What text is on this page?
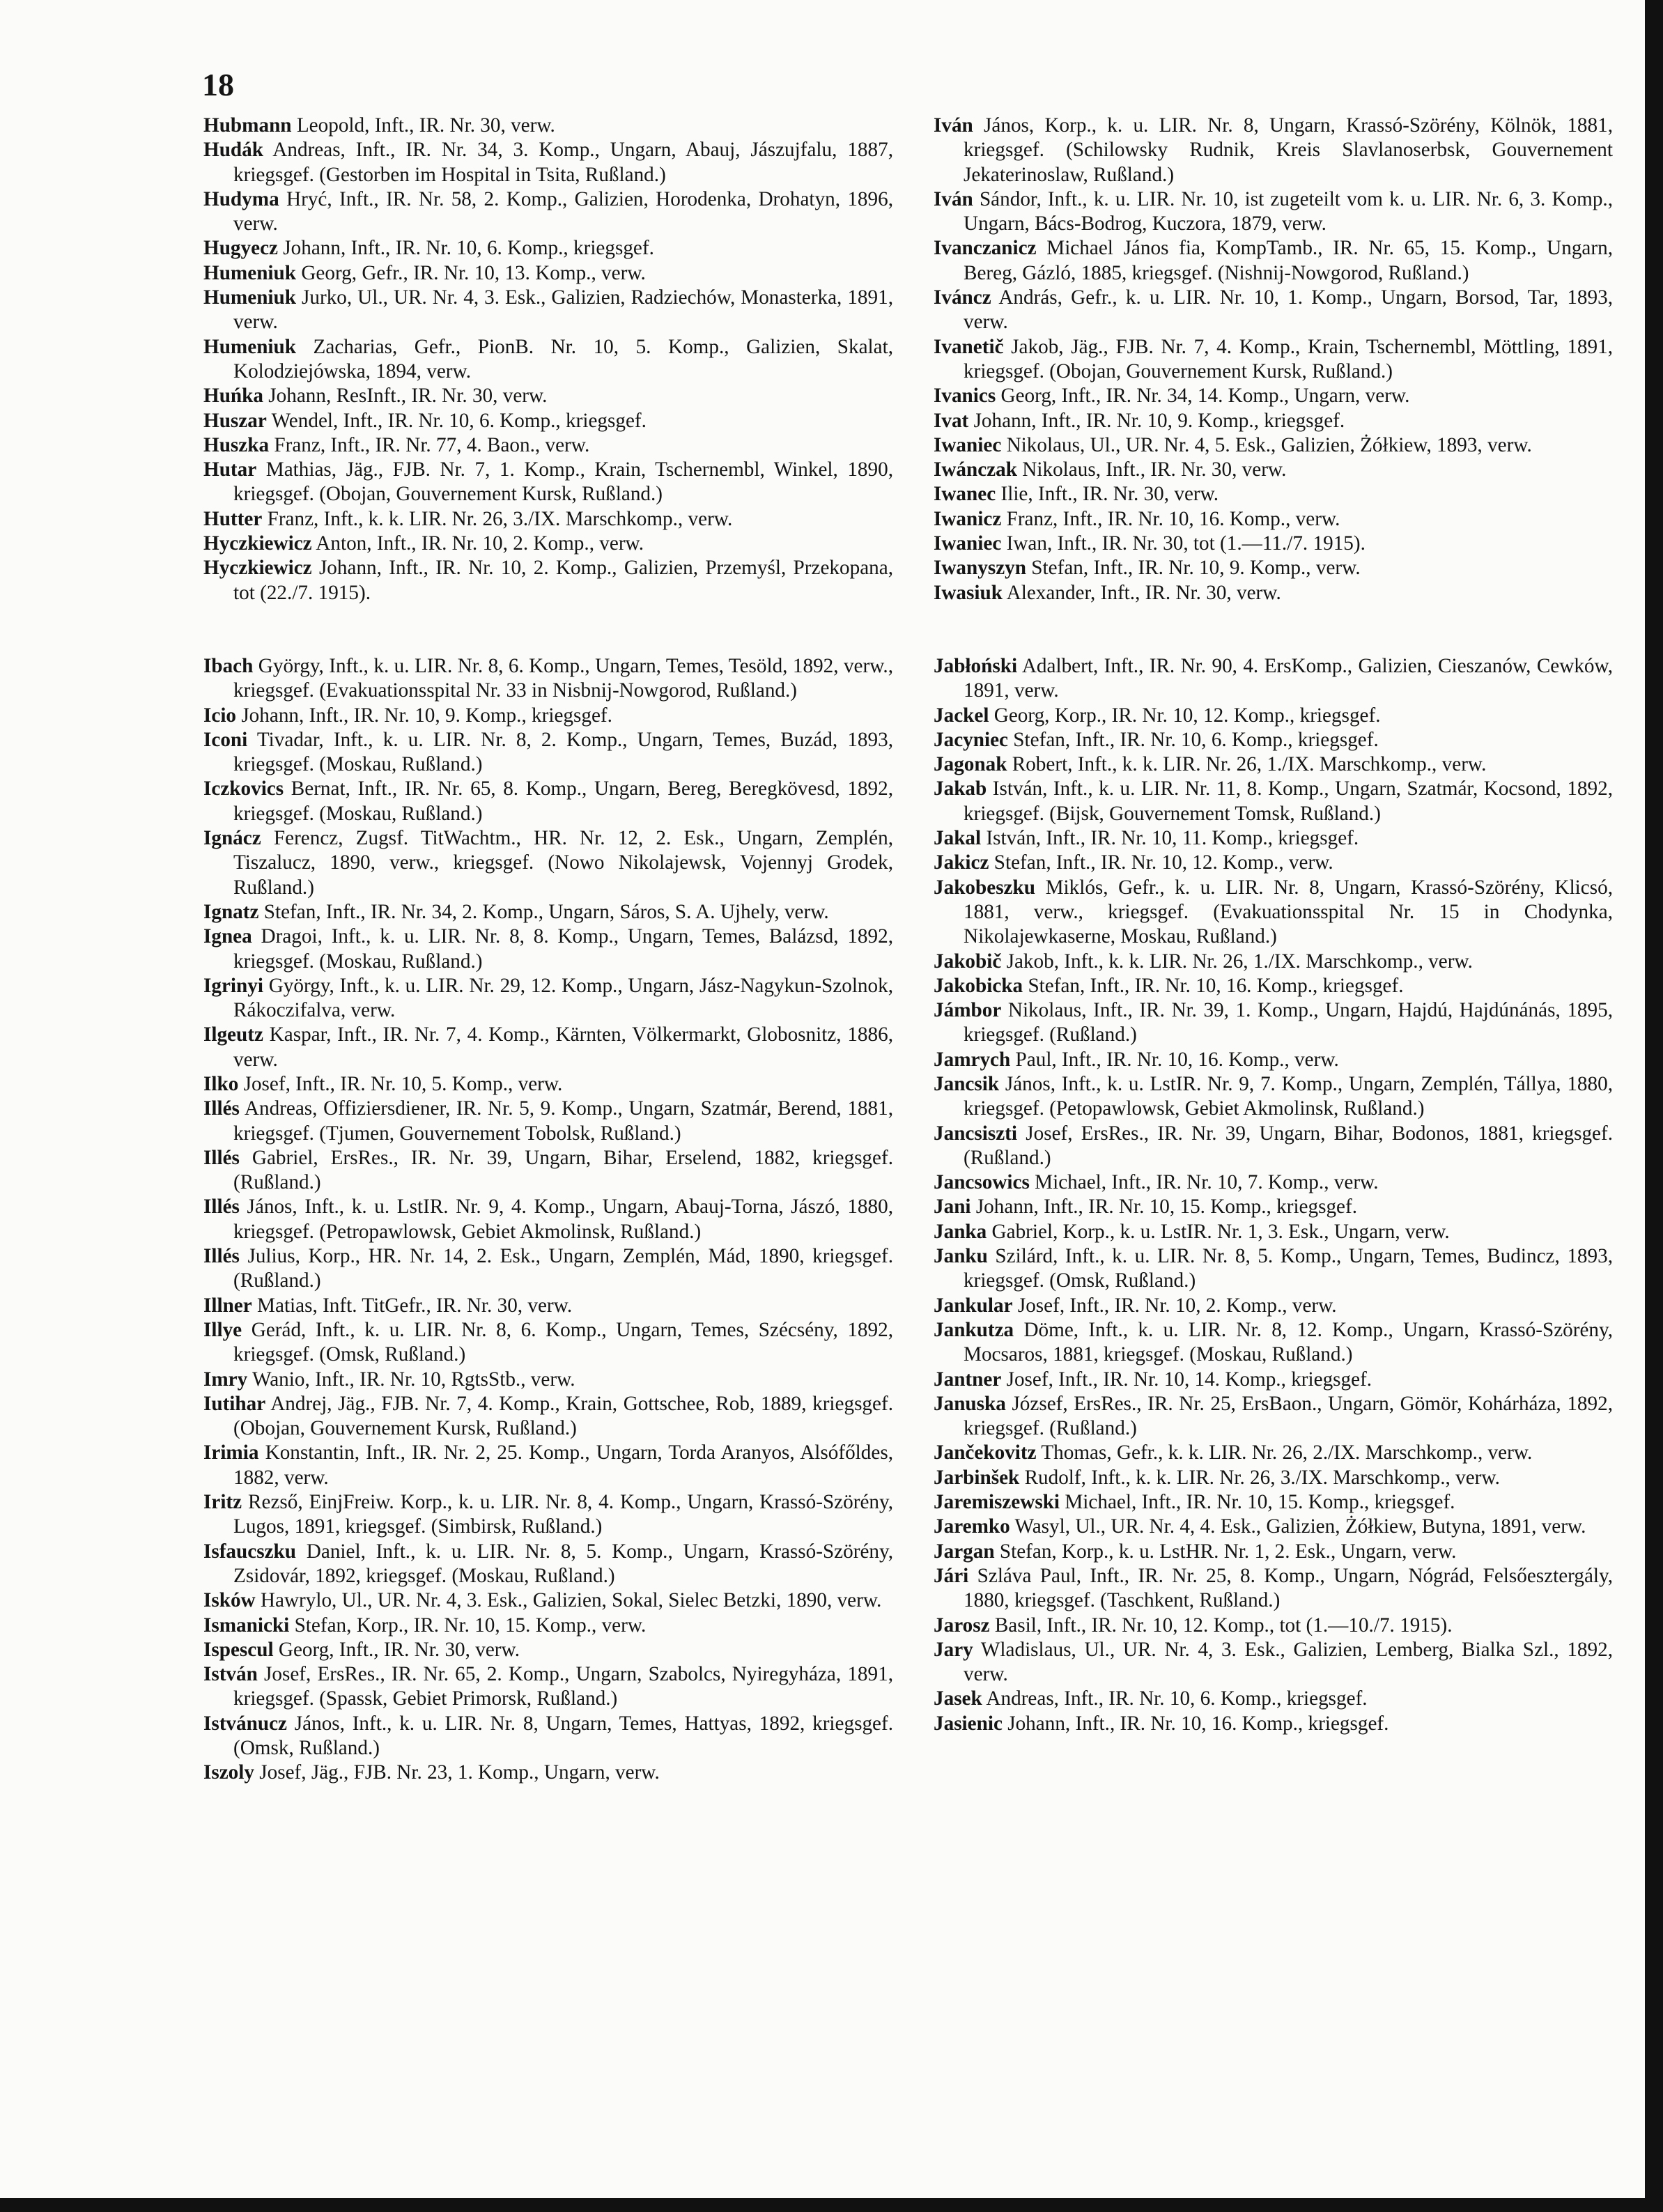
18

Hubmann Leopold, Inft., IR. Nr. 30, verw.

Hudák Andreas, Inft., IR. Nr. 34, 3. Komp., Ungarn, Abauj, Jászujfalu, 1887, kriegsgef. (Gestorben im Hospital in Tsita, Rußland.)

Hudyma Hryć, Inft., IR. Nr. 58, 2. Komp., Galizien, Horodenka, Drohatyn, 1896, verw.

Hugyecz Johann, Inft., IR. Nr. 10, 6. Komp., kriegsgef.

Humeniuk Georg, Gefr., IR. Nr. 10, 13. Komp., verw.

Humeniuk Jurko, Ul., UR. Nr. 4, 3. Esk., Galizien, Radziechów, Monasterka, 1891, verw.

Humeniuk Zacharias, Gefr., PionB. Nr. 10, 5. Komp., Galizien, Skalat, Kolodziejówska, 1894, verw.

Huńka Johann, ResInft., IR. Nr. 30, verw.

Huszar Wendel, Inft., IR. Nr. 10, 6. Komp., kriegsgef.

Huszka Franz, Inft., IR. Nr. 77, 4. Baon., verw.

Hutar Mathias, Jäg., FJB. Nr. 7, 1. Komp., Krain, Tschernembl, Winkel, 1890, kriegsgef. (Obojan, Gouvernement Kursk, Rußland.)

Hutter Franz, Inft., k. k. LIR. Nr. 26, 3./IX. Marschkomp., verw.

Hyczkiewicz Anton, Inft., IR. Nr. 10, 2. Komp., verw.

Hyczkiewicz Johann, Inft., IR. Nr. 10, 2. Komp., Galizien, Przemyśl, Przekopana, tot (22./7. 1915).

Ibach György, Inft., k. u. LIR. Nr. 8, 6. Komp., Ungarn, Temes, Tesöld, 1892, verw., kriegsgef. (Evakuationsspital Nr. 33 in Nisbnij-Nowgorod, Rußland.)

Icio Johann, Inft., IR. Nr. 10, 9. Komp., kriegsgef.

Iconi Tivadar, Inft., k. u. LIR. Nr. 8, 2. Komp., Ungarn, Temes, Buzád, 1893, kriegsgef. (Moskau, Rußland.)

Iczkovics Bernat, Inft., IR. Nr. 65, 8. Komp., Ungarn, Bereg, Beregkövesd, 1892, kriegsgef. (Moskau, Rußland.)

Ignácz Ferencz, Zugsf. TitWachtm., HR. Nr. 12, 2. Esk., Ungarn, Zemplén, Tiszalucz, 1890, verw., kriegsgef. (Nowo Nikolajewsk, Vojennyj Grodek, Rußland.)

Ignatz Stefan, Inft., IR. Nr. 34, 2. Komp., Ungarn, Sáros, S. A. Ujhely, verw.

Ignea Dragoi, Inft., k. u. LIR. Nr. 8, 8. Komp., Ungarn, Temes, Balázsd, 1892, kriegsgef. (Moskau, Rußland.)

Igrinyi György, Inft., k. u. LIR. Nr. 29, 12. Komp., Ungarn, Jász-Nagykun-Szolnok, Rákoczifalva, verw.

Ilgeutz Kaspar, Inft., IR. Nr. 7, 4. Komp., Kärnten, Völkermarkt, Globosnitz, 1886, verw.

Ilko Josef, Inft., IR. Nr. 10, 5. Komp., verw.

Illés Andreas, Offiziersdiener, IR. Nr. 5, 9. Komp., Ungarn, Szatmár, Berend, 1881, kriegsgef. (Tjumen, Gouvernement Tobolsk, Rußland.)

Illés Gabriel, ErsRes., IR. Nr. 39, Ungarn, Bihar, Erselend, 1882, kriegsgef. (Rußland.)

Illés János, Inft., k. u. LstIR. Nr. 9, 4. Komp., Ungarn, Abauj-Torna, Jászó, 1880, kriegsgef. (Petropawlowsk, Gebiet Akmolinsk, Rußland.)

Illés Julius, Korp., HR. Nr. 14, 2. Esk., Ungarn, Zemplén, Mád, 1890, kriegsgef. (Rußland.)

Illner Matias, Inft. TitGefr., IR. Nr. 30, verw.

Illye Gerád, Inft., k. u. LIR. Nr. 8, 6. Komp., Ungarn, Temes, Szécsény, 1892, kriegsgef. (Omsk, Rußland.)

Imry Wanio, Inft., IR. Nr. 10, RgtsStb., verw.

Iutihar Andrej, Jäg., FJB. Nr. 7, 4. Komp., Krain, Gottschee, Rob, 1889, kriegsgef. (Obojan, Gouvernement Kursk, Rußland.)

Irimia Konstantin, Inft., IR. Nr. 2, 25. Komp., Ungarn, Torda Aranyos, Alsófőldes, 1882, verw.

Iritz Rezső, EinjFreiw. Korp., k. u. LIR. Nr. 8, 4. Komp., Ungarn, Krassó-Szörény, Lugos, 1891, kriegsgef. (Simbirsk, Rußland.)

Isfaucszku Daniel, Inft., k. u. LIR. Nr. 8, 5. Komp., Ungarn, Krassó-Szörény, Zsidovár, 1892, kriegsgef. (Moskau, Rußland.)

Isków Hawrylo, Ul., UR. Nr. 4, 3. Esk., Galizien, Sokal, Sielec Betzki, 1890, verw.

Ismanicki Stefan, Korp., IR. Nr. 10, 15. Komp., verw.

Ispescul Georg, Inft., IR. Nr. 30, verw.

István Josef, ErsRes., IR. Nr. 65, 2. Komp., Ungarn, Szabolcs, Nyiregyháza, 1891, kriegsgef. (Spassk, Gebiet Primorsk, Rußland.)

Istvánucz János, Inft., k. u. LIR. Nr. 8, Ungarn, Temes, Hattyas, 1892, kriegsgef. (Omsk, Rußland.)

Iszoly Josef, Jäg., FJB. Nr. 23, 1. Komp., Ungarn, verw.

Iván János, Korp., k. u. LIR. Nr. 8, Ungarn, Krassó-Szörény, Kölnök, 1881, kriegsgef. (Schilowsky Rudnik, Kreis Slavlanoserbsk, Gouvernement Jekaterinoslaw, Rußland.)

Iván Sándor, Inft., k. u. LIR. Nr. 10, ist zugeteilt vom k. u. LIR. Nr. 6, 3. Komp., Ungarn, Bács-Bodrog, Kuczora, 1879, verw.

Ivanczanicz Michael János fia, KompTamb., IR. Nr. 65, 15. Komp., Ungarn, Bereg, Gázló, 1885, kriegsgef. (Nishnij-Nowgorod, Rußland.)

Iváncz András, Gefr., k. u. LIR. Nr. 10, 1. Komp., Ungarn, Borsod, Tar, 1893, verw.

Ivanetič Jakob, Jäg., FJB. Nr. 7, 4. Komp., Krain, Tschernembl, Möttling, 1891, kriegsgef. (Obojan, Gouvernement Kursk, Rußland.)

Ivanics Georg, Inft., IR. Nr. 34, 14. Komp., Ungarn, verw.

Ivat Johann, Inft., IR. Nr. 10, 9. Komp., kriegsgef.

Iwaniec Nikolaus, Ul., UR. Nr. 4, 5. Esk., Galizien, Żółkiew, 1893, verw.

Iwánczak Nikolaus, Inft., IR. Nr. 30, verw.

Iwanec Ilie, Inft., IR. Nr. 30, verw.

Iwanicz Franz, Inft., IR. Nr. 10, 16. Komp., verw.

Iwaniec Iwan, Inft., IR. Nr. 30, tot (1.—11./7. 1915).

Iwanyszyn Stefan, Inft., IR. Nr. 10, 9. Komp., verw.

Iwasiuk Alexander, Inft., IR. Nr. 30, verw.

Jabłoński Adalbert, Inft., IR. Nr. 90, 4. ErsKomp., Galizien, Cieszanów, Cewków, 1891, verw.

Jackel Georg, Korp., IR. Nr. 10, 12. Komp., kriegsgef.

Jacyniec Stefan, Inft., IR. Nr. 10, 6. Komp., kriegsgef.

Jagonak Robert, Inft., k. k. LIR. Nr. 26, 1./IX. Marschkomp., verw.

Jakab István, Inft., k. u. LIR. Nr. 11, 8. Komp., Ungarn, Szatmár, Kocsond, 1892, kriegsgef. (Bijsk, Gouvernement Tomsk, Rußland.)

Jakal István, Inft., IR. Nr. 10, 11. Komp., kriegsgef.

Jakicz Stefan, Inft., IR. Nr. 10, 12. Komp., verw.

Jakobeszku Miklós, Gefr., k. u. LIR. Nr. 8, Ungarn, Krassó-Szörény, Klicsó, 1881, verw., kriegsgef. (Evakuationsspital Nr. 15 in Chodynka, Nikolajewkaserne, Moskau, Rußland.)

Jakobič Jakob, Inft., k. k. LIR. Nr. 26, 1./IX. Marschkomp., verw.

Jakobicka Stefan, Inft., IR. Nr. 10, 16. Komp., kriegsgef.

Jámbor Nikolaus, Inft., IR. Nr. 39, 1. Komp., Ungarn, Hajdú, Hajdúnánás, 1895, kriegsgef. (Rußland.)

Jamrych Paul, Inft., IR. Nr. 10, 16. Komp., verw.

Jancsik János, Inft., k. u. LstIR. Nr. 9, 7. Komp., Ungarn, Zemplén, Tállya, 1880, kriegsgef. (Petopawlowsk, Gebiet Akmolinsk, Rußland.)

Jancsiszti Josef, ErsRes., IR. Nr. 39, Ungarn, Bihar, Bodonos, 1881, kriegsgef. (Rußland.)

Jancsowics Michael, Inft., IR. Nr. 10, 7. Komp., verw.

Jani Johann, Inft., IR. Nr. 10, 15. Komp., kriegsgef.

Janka Gabriel, Korp., k. u. LstIR. Nr. 1, 3. Esk., Ungarn, verw.

Janku Szilárd, Inft., k. u. LIR. Nr. 8, 5. Komp., Ungarn, Temes, Budincz, 1893, kriegsgef. (Omsk, Rußland.)

Jankular Josef, Inft., IR. Nr. 10, 2. Komp., verw.

Jankutza Döme, Inft., k. u. LIR. Nr. 8, 12. Komp., Ungarn, Krassó-Szörény, Mocsaros, 1881, kriegsgef. (Moskau, Rußland.)

Jantner Josef, Inft., IR. Nr. 10, 14. Komp., kriegsgef.

Januska József, ErsRes., IR. Nr. 25, ErsBaon., Ungarn, Gömör, Kohárháza, 1892, kriegsgef. (Rußland.)

Jančekovitz Thomas, Gefr., k. k. LIR. Nr. 26, 2./IX. Marschkomp., verw.

Jarbinšek Rudolf, Inft., k. k. LIR. Nr. 26, 3./IX. Marschkomp., verw.

Jaremiszewski Michael, Inft., IR. Nr. 10, 15. Komp., kriegsgef.

Jaremko Wasyl, Ul., UR. Nr. 4, 4. Esk., Galizien, Żółkiew, Butyna, 1891, verw.

Jargan Stefan, Korp., k. u. LstHR. Nr. 1, 2. Esk., Ungarn, verw.

Jári Szláva Paul, Inft., IR. Nr. 25, 8. Komp., Ungarn, Nógrád, Felsőesztergály, 1880, kriegsgef. (Taschkent, Rußland.)

Jarosz Basil, Inft., IR. Nr. 10, 12. Komp., tot (1.—10./7. 1915).

Jary Wladislaus, Ul., UR. Nr. 4, 3. Esk., Galizien, Lemberg, Bialka Szl., 1892, verw.

Jasek Andreas, Inft., IR. Nr. 10, 6. Komp., kriegsgef.

Jasienic Johann, Inft., IR. Nr. 10, 16. Komp., kriegsgef.
